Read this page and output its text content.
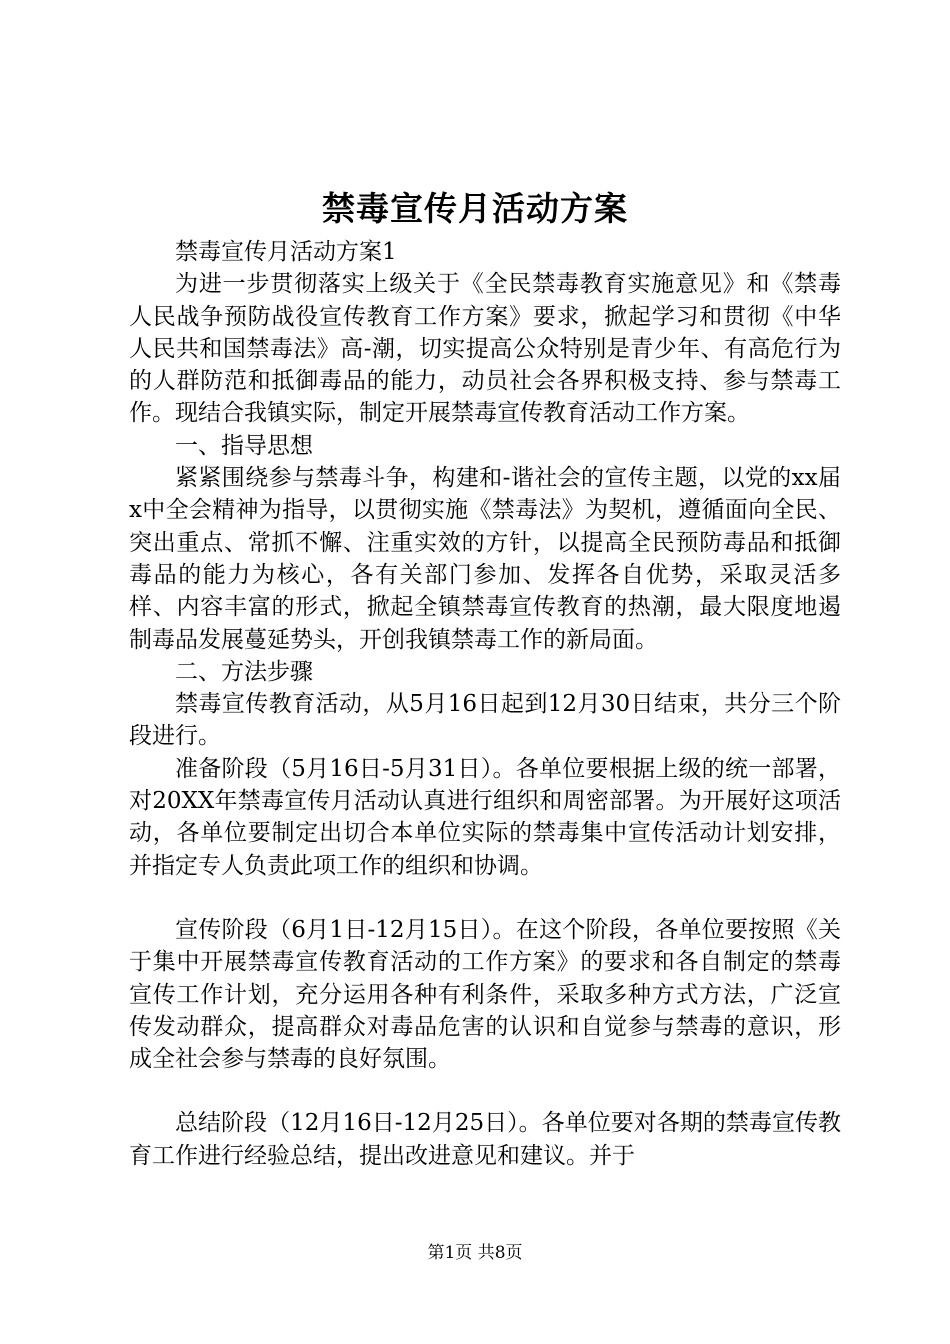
禁毒宣传月活动方案

禁毒宣传月活动方案1

为进一步贯彻落实上级关于《全民禁毒教育实施意见》和《禁毒人民战争预防战役宣传教育工作方案》要求，掀起学习和贯彻《中华人民共和国禁毒法》高-潮，切实提高公众特别是青少年、有高危行为的人群防范和抵御毒品的能力，动员社会各界积极支持、参与禁毒工作。现结合我镇实际，制定开展禁毒宣传教育活动工作方案。

一、指导思想

紧紧围绕参与禁毒斗争，构建和-谐社会的宣传主题，以党的xx届x中全会精神为指导，以贯彻实施《禁毒法》为契机，遵循面向全民、突出重点、常抓不懈、注重实效的方针，以提高全民预防毒品和抵御毒品的能力为核心，各有关部门参加、发挥各自优势，采取灵活多样、内容丰富的形式，掀起全镇禁毒宣传教育的热潮，最大限度地遏制毒品发展蔓延势头，开创我镇禁毒工作的新局面。

二、方法步骤

禁毒宣传教育活动，从5月16日起到12月30日结束，共分三个阶段进行。

准备阶段（5月16日-5月31日）。各单位要根据上级的统一部署，对20XX年禁毒宣传月活动认真进行组织和周密部署。为开展好这项活动，各单位要制定出切合本单位实际的禁毒集中宣传活动计划安排，并指定专人负责此项工作的组织和协调。

宣传阶段（6月1日-12月15日）。在这个阶段，各单位要按照《关于集中开展禁毒宣传教育活动的工作方案》的要求和各自制定的禁毒宣传工作计划，充分运用各种有利条件，采取多种方式方法，广泛宣传发动群众，提高群众对毒品危害的认识和自觉参与禁毒的意识，形成全社会参与禁毒的良好氛围。

总结阶段（12月16日-12月25日）。各单位要对各期的禁毒宣传教育工作进行经验总结，提出改进意见和建议。并于

第1页 共8页
